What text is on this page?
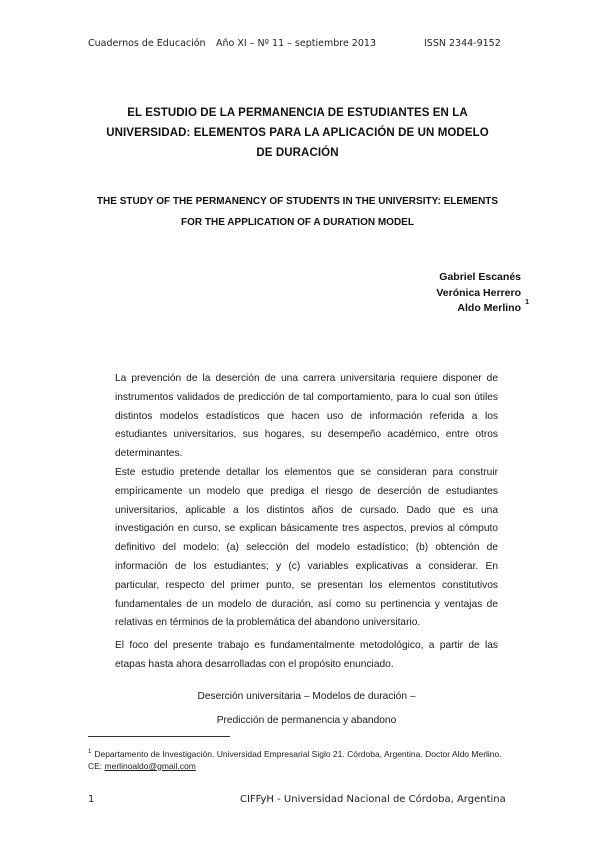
Cuadernos de Educación Año XI – Nº 11 – septiembre 2013	ISSN 2344-9152
EL ESTUDIO DE LA PERMANENCIA DE ESTUDIANTES EN LA UNIVERSIDAD: ELEMENTOS PARA LA APLICACIÓN DE UN MODELO DE DURACIÓN
THE STUDY OF THE PERMANENCY OF STUDENTS IN THE UNIVERSITY: ELEMENTS FOR THE APPLICATION OF A DURATION MODEL
Gabriel Escanés
Verónica Herrero
Aldo Merlino 1

La prevención de la deserción de una carrera universitaria requiere disponer de instrumentos validados de predicción de tal comportamiento, para lo cual son útiles distintos modelos estadísticos que hacen uso de información referida a los estudiantes universitarios, sus hogares, su desempeño académico, entre otros determinantes.

Este estudio pretende detallar los elementos que se consideran para construir empíricamente un modelo que prediga el riesgo de deserción de estudiantes universitarios, aplicable a los distintos años de cursado. Dado que es una investigación en curso, se explican básicamente tres aspectos, previos al cómputo definitivo del modelo: (a) selección del modelo estadístico; (b) obtención de información de los estudiantes; y (c) variables explicativas a considerar. En particular, respecto del primer punto, se presentan los elementos constitutivos fundamentales de un modelo de duración, así como su pertinencia y ventajas de relativas en términos de la problemática del abandono universitario.

El foco del presente trabajo es fundamentalmente metodológico, a partir de las etapas hasta ahora desarrolladas con el propósito enunciado.

Deserción universitaria – Modelos de duración –
Predicción de permanencia y abandono
$^1$ Departamento de Investigación. Universidad Empresarial Siglo 21. Córdoba, Argentina. Doctor Aldo Merlino. CE: merlinoaldo@gmail.com
1	CIFFyH - Universidad Nacional de Córdoba, Argentina
